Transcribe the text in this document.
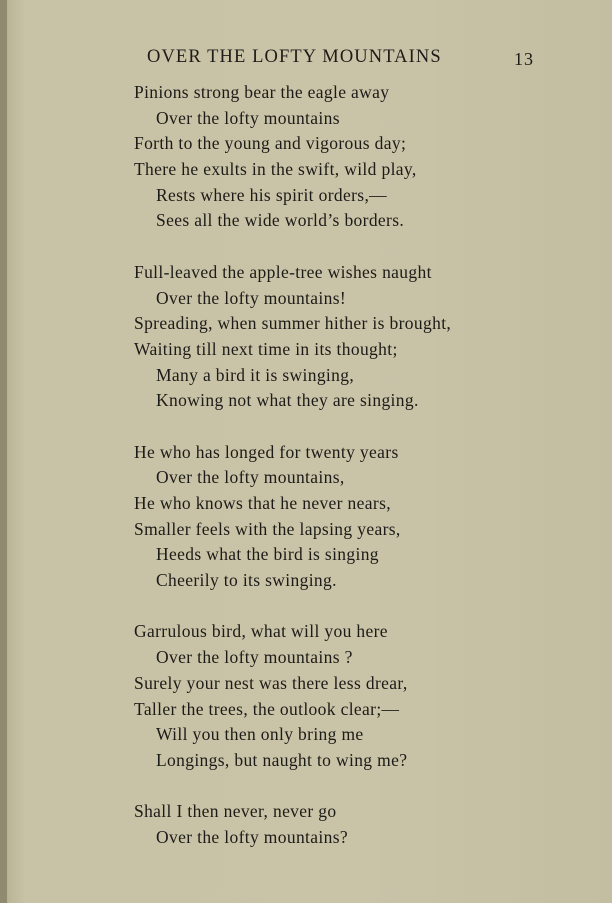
OVER THE LOFTY MOUNTAINS	13
Pinions strong bear the eagle away
Over the lofty mountains
Forth to the young and vigorous day;
There he exults in the swift, wild play,
Rests where his spirit orders,—
Sees all the wide world’s borders.
Full-leaved the apple-tree wishes naught
Over the lofty mountains!
Spreading, when summer hither is brought,
Waiting till next time in its thought;
Many a bird it is swinging,
Knowing not what they are singing.
He who has longed for twenty years
Over the lofty mountains,
He who knows that he never nears,
Smaller feels with the lapsing years,
Heeds what the bird is singing
Cheerily to its swinging.
Garrulous bird, what will you here
Over the lofty mountains ?
Surely your nest was there less drear,
Taller the trees, the outlook clear;—
Will you then only bring me
Longings, but naught to wing me?
Shall I then never, never go
Over the lofty mountains?
